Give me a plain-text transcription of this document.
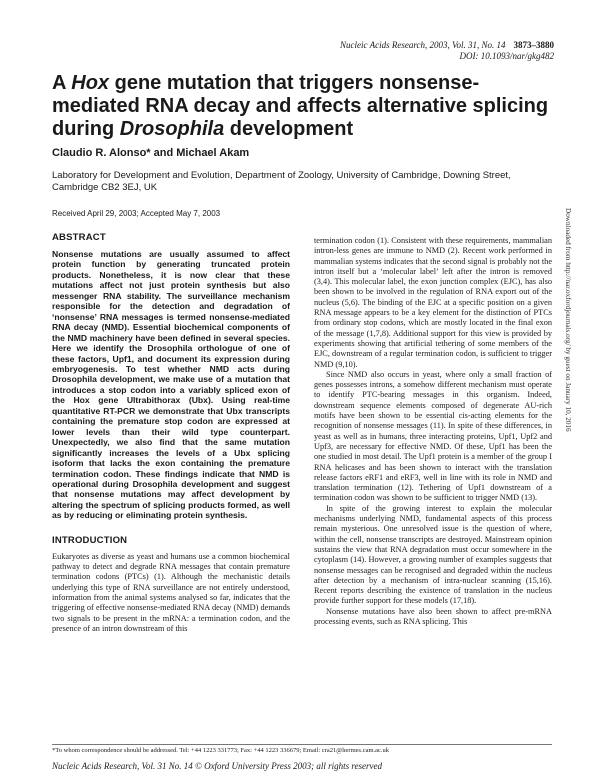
Nucleic Acids Research, 2003, Vol. 31, No. 14 3873–3880
DOI: 10.1093/nar/gkg482
A Hox gene mutation that triggers nonsense-mediated RNA decay and affects alternative splicing during Drosophila development
Claudio R. Alonso* and Michael Akam
Laboratory for Development and Evolution, Department of Zoology, University of Cambridge, Downing Street, Cambridge CB2 3EJ, UK
Received April 29, 2003; Accepted May 7, 2003
ABSTRACT

Nonsense mutations are usually assumed to affect protein function by generating truncated protein products. Nonetheless, it is now clear that these mutations affect not just protein synthesis but also messenger RNA stability. The surveillance mechanism responsible for the detection and degradation of ‘nonsense’ RNA messages is termed nonsense-mediated RNA decay (NMD). Essential biochemical components of the NMD machinery have been defined in several species. Here we identify the Drosophila orthologue of one of these factors, Upf1, and document its expression during embryogenesis. To test whether NMD acts during Drosophila development, we make use of a mutation that introduces a stop codon into a variably spliced exon of the Hox gene Ultrabithorax (Ubx). Using real-time quantitative RT-PCR we demonstrate that Ubx transcripts containing the premature stop codon are expressed at lower levels than their wild type counterpart. Unexpectedly, we also find that the same mutation significantly increases the levels of a Ubx splicing isoform that lacks the exon containing the premature termination codon. These findings indicate that NMD is operational during Drosophila development and suggest that nonsense mutations may affect development by altering the spectrum of splicing products formed, as well as by reducing or eliminating protein synthesis.

INTRODUCTION

Eukaryotes as diverse as yeast and humans use a common biochemical pathway to detect and degrade RNA messages that contain premature termination codons (PTCs) (1). Although the mechanistic details underlying this type of RNA surveillance are not entirely understood, information from the animal systems analysed so far, indicates that the triggering of effective nonsense-mediated RNA decay (NMD) demands two signals to be present in the mRNA: a termination codon, and the presence of an intron downstream of this

termination codon (1). Consistent with these requirements, mammalian intron-less genes are immune to NMD (2). Recent work performed in mammalian systems indicates that the second signal is probably not the intron itself but a ‘molecular label’ left after the intron is removed (3,4). This molecular label, the exon junction complex (EJC), has also been shown to be involved in the regulation of RNA export out of the nucleus (5,6). The binding of the EJC at a specific position on a given RNA message appears to be a key element for the distinction of PTCs from ordinary stop codons, which are mostly located in the final exon of the message (1,7,8). Additional support for this view is provided by experiments showing that artificial tethering of some members of the EJC, downstream of a regular termination codon, is sufficient to trigger NMD (9,10).

Since NMD also occurs in yeast, where only a small fraction of genes possesses introns, a somehow different mechanism must operate to identify PTC-bearing messages in this organism. Indeed, downstream sequence elements composed of degenerate AU-rich motifs have been shown to be essential cis-acting elements for the recognition of nonsense messages (11). In spite of these differences, in yeast as well as in humans, three interacting proteins, Upf1, Upf2 and Upf3, are necessary for effective NMD. Of these, Upf1 has been the one studied in most detail. The Upf1 protein is a member of the group I RNA helicases and has been shown to interact with the translation release factors eRF1 and eRF3, well in line with its role in NMD and translation termination (12). Tethering of Upf1 downstream of a termination codon was shown to be sufficient to trigger NMD (13).

In spite of the growing interest to explain the molecular mechanisms underlying NMD, fundamental aspects of this process remain mysterious. One unresolved issue is the question of where, within the cell, nonsense transcripts are destroyed. Mainstream opinion sustains the view that RNA degradation must occur somewhere in the cytoplasm (14). However, a growing number of examples suggests that nonsense messages can be recognised and degraded within the nucleus after detection by a mechanism of intra-nuclear scanning (15,16). Recent reports describing the existence of translation in the nucleus provide further support for these models (17,18).

Nonsense mutations have also been shown to affect pre-mRNA processing events, such as RNA splicing. This

*To whom correspondence should be addressed. Tel: +44 1223 331773; Fax: +44 1223 336679; Email: cra21@hermes.cam.ac.uk
Nucleic Acids Research, Vol. 31 No. 14 © Oxford University Press 2003; all rights reserved
Downloaded from http://nar.oxfordjournals.org/ by guest on January 10, 2016
